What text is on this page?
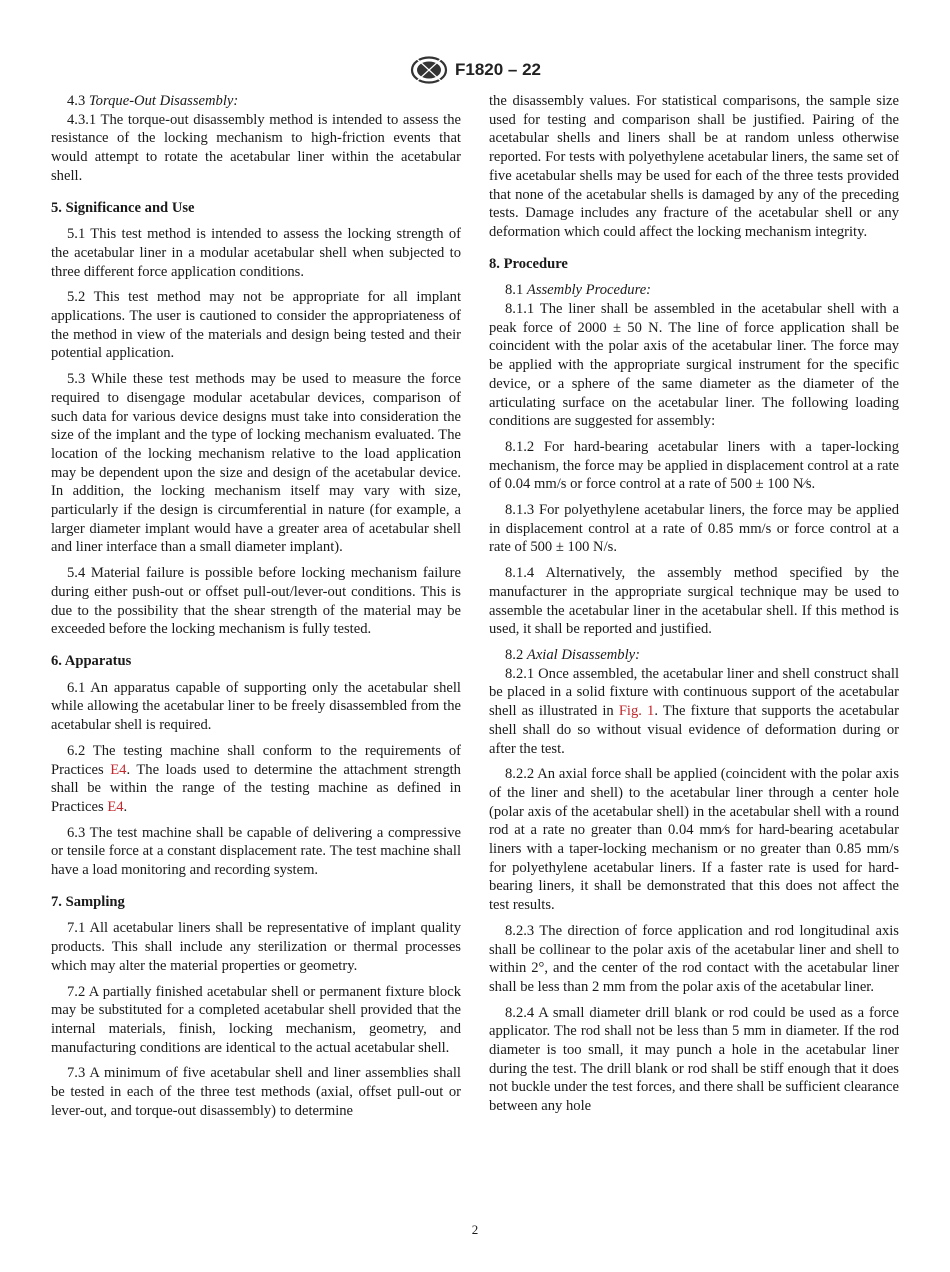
F1820 – 22

4.3 Torque-Out Disassembly:

4.3.1 The torque-out disassembly method is intended to assess the resistance of the locking mechanism to high-friction events that would attempt to rotate the acetabular liner within the acetabular shell.

5. Significance and Use

5.1 This test method is intended to assess the locking strength of the acetabular liner in a modular acetabular shell when subjected to three different force application conditions.

5.2 This test method may not be appropriate for all implant applications. The user is cautioned to consider the appropriateness of the method in view of the materials and design being tested and their potential application.

5.3 While these test methods may be used to measure the force required to disengage modular acetabular devices, comparison of such data for various device designs must take into consideration the size of the implant and the type of locking mechanism evaluated. The location of the locking mechanism relative to the load application may be dependent upon the size and design of the acetabular device. In addition, the locking mechanism itself may vary with size, particularly if the design is circumferential in nature (for example, a larger diameter implant would have a greater area of acetabular shell and liner interface than a small diameter implant).

5.4 Material failure is possible before locking mechanism failure during either push-out or offset pull-out/lever-out conditions. This is due to the possibility that the shear strength of the material may be exceeded before the locking mechanism is fully tested.

6. Apparatus

6.1 An apparatus capable of supporting only the acetabular shell while allowing the acetabular liner to be freely disassembled from the acetabular shell is required.

6.2 The testing machine shall conform to the requirements of Practices E4. The loads used to determine the attachment strength shall be within the range of the testing machine as defined in Practices E4.

6.3 The test machine shall be capable of delivering a compressive or tensile force at a constant displacement rate. The test machine shall have a load monitoring and recording system.

7. Sampling

7.1 All acetabular liners shall be representative of implant quality products. This shall include any sterilization or thermal processes which may alter the material properties or geometry.

7.2 A partially finished acetabular shell or permanent fixture block may be substituted for a completed acetabular shell provided that the internal materials, finish, locking mechanism, geometry, and manufacturing conditions are identical to the actual acetabular shell.

7.3 A minimum of five acetabular shell and liner assemblies shall be tested in each of the three test methods (axial, offset pull-out or lever-out, and torque-out disassembly) to determine

the disassembly values. For statistical comparisons, the sample size used for testing and comparison shall be justified. Pairing of the acetabular shells and liners shall be at random unless otherwise reported. For tests with polyethylene acetabular liners, the same set of five acetabular shells may be used for each of the three tests provided that none of the acetabular shells is damaged by any of the preceding tests. Damage includes any fracture of the acetabular shell or any deformation which could affect the locking mechanism integrity.

8. Procedure

8.1 Assembly Procedure:

8.1.1 The liner shall be assembled in the acetabular shell with a peak force of 2000 ± 50 N. The line of force application shall be coincident with the polar axis of the acetabular liner. The force may be applied with the appropriate surgical instrument for the specific device, or a sphere of the same diameter as the diameter of the articulating surface on the acetabular liner. The following loading conditions are suggested for assembly:

8.1.2 For hard-bearing acetabular liners with a taper-locking mechanism, the force may be applied in displacement control at a rate of 0.04 mm/s or force control at a rate of 500 ± 100 N⁄s.

8.1.3 For polyethylene acetabular liners, the force may be applied in displacement control at a rate of 0.85 mm/s or force control at a rate of 500 ± 100 N/s.

8.1.4 Alternatively, the assembly method specified by the manufacturer in the appropriate surgical technique may be used to assemble the acetabular liner in the acetabular shell. If this method is used, it shall be reported and justified.

8.2 Axial Disassembly:

8.2.1 Once assembled, the acetabular liner and shell construct shall be placed in a solid fixture with continuous support of the acetabular shell as illustrated in Fig. 1. The fixture that supports the acetabular shell shall do so without visual evidence of deformation during or after the test.

8.2.2 An axial force shall be applied (coincident with the polar axis of the liner and shell) to the acetabular liner through a center hole (polar axis of the acetabular shell) in the acetabular shell with a round rod at a rate no greater than 0.04 mm⁄s for hard-bearing acetabular liners with a taper-locking mechanism or no greater than 0.85 mm/s for polyethylene acetabular liners. If a faster rate is used for hard-bearing liners, it shall be demonstrated that this does not affect the test results.

8.2.3 The direction of force application and rod longitudinal axis shall be collinear to the polar axis of the acetabular liner and shell to within 2°, and the center of the rod contact with the acetabular liner shall be less than 2 mm from the polar axis of the acetabular liner.

8.2.4 A small diameter drill blank or rod could be used as a force applicator. The rod shall not be less than 5 mm in diameter. If the rod diameter is too small, it may punch a hole in the acetabular liner during the test. The drill blank or rod shall be stiff enough that it does not buckle under the test forces, and there shall be sufficient clearance between any hole

2
